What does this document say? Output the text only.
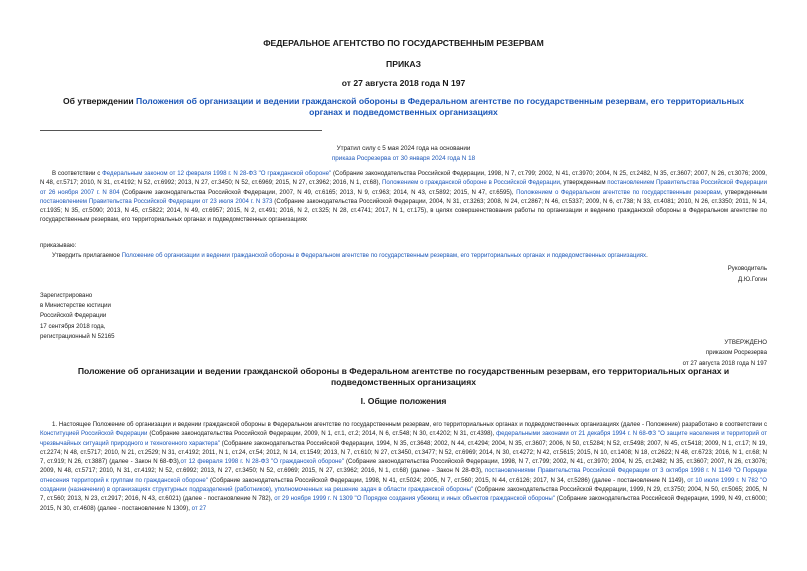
ФЕДЕРАЛЬНОЕ АГЕНТСТВО ПО ГОСУДАРСТВЕННЫМ РЕЗЕРВАМ
ПРИКАЗ
от 27 августа 2018 года N 197
Об утверждении Положения об организации и ведении гражданской обороны в Федеральном агентстве по государственным резервам, его территориальных органах и подведомственных организациях
Утратил силу с 5 мая 2024 года на основании
приказа Росрезерва от 30 января 2024 года N 18
В соответствии с Федеральным законом от 12 февраля 1998 г. N 28-ФЗ "О гражданской обороне" (Собрание законодательства Российской Федерации, 1998, N 7, ст.799; 2002, N 41, ст.3970; 2004, N 25, ст.2482, N 35, ст.3607; 2007, N 26, ст.3076; 2009, N 48, ст.5717; 2010, N 31, ст.4192; N 52, ст.6992; 2013, N 27, ст.3450; N 52, ст.6969; 2015, N 27, ст.3962; 2016, N 1, ст.68), Положением о гражданской обороне в Российской Федерации, утвержденным постановлением Правительства Российской Федерации от 26 ноября 2007 г. N 804 (Собрание законодательства Российской Федерации, 2007, N 49, ст.6165; 2013, N 9, ст.963; 2014, N 43, ст.5892; 2015, N 47, ст.6595), Положением о Федеральном агентстве по государственным резервам, утвержденным постановлением Правительства Российской Федерации от 23 июля 2004 г. N 373 (Собрание законодательства Российской Федерации, 2004, N 31, ст.3263; 2008, N 24, ст.2867; N 46, ст.5337; 2009, N 6, ст.738; N 33, ст.4081; 2010, N 26, ст.3350; 2011, N 14, ст.1935; N 35, ст.5090; 2013, N 45, ст.5822; 2014, N 49, ст.6957; 2015, N 2, ст.491; 2016, N 2, ст.325; N 28, ст.4741; 2017, N 1, ст.175), в целях совершенствования работы по организации и ведению гражданской обороны в Федеральном агентстве по государственным резервам, его территориальных органах и подведомственных организациях
приказываю:
Утвердить прилагаемое Положение об организации и ведении гражданской обороны в Федеральном агентстве по государственным резервам, его территориальных органах и подведомственных организациях.
Руководитель
Д.Ю.Гогин
Зарегистрировано
в Министерстве юстиции
Российской Федерации
17 сентября 2018 года,
регистрационный N 52165
УТВЕРЖДЕНО
приказом Росрезерва
от 27 августа 2018 года N 197
Положение об организации и ведении гражданской обороны в Федеральном агентстве по государственным резервам, его территориальных органах и подведомственных организациях
I. Общие положения
1. Настоящее Положение об организации и ведении гражданской обороны в Федеральном агентстве по государственным резервам, его территориальных органах и подведомственных организациях (далее - Положение) разработано в соответствии с Конституцией Российской Федерации (Собрание законодательства Российской Федерации, 2009, N 1, ст.1, ст.2; 2014, N 6, ст.548; N 30, ст.4202; N 31, ст.4398), федеральными законами от 21 декабря 1994 г. N 68-ФЗ "О защите населения и территорий от чрезвычайных ситуаций природного и техногенного характера" (Собрание законодательства Российской Федерации, 1994, N 35, ст.3648; 2002, N 44, ст.4294; 2004, N 35, ст.3607; 2006, N 50, ст.5284; N 52, ст.5498; 2007, N 45, ст.5418; 2009, N 1, ст.17; N 19, ст.2274; N 48, ст.5717; 2010, N 21, ст.2529; N 31, ст.4192; 2011, N 1, ст.24, ст.54; 2012, N 14, ст.1549; 2013, N 7, ст.610; N 27, ст.3450, ст.3477; N 52, ст.6969; 2014, N 30, ст.4272; N 42, ст.5615; 2015, N 10, ст.1408; N 18, ст.2622; N 48, ст.6723; 2016, N 1, ст.68; N 7, ст.919; N 26, ст.3887) (далее - Закон N 68-ФЗ),от 12 февраля 1998 г. N 28-ФЗ "О гражданской обороне" (Собрание законодательства Российской Федерации, 1998, N 7, ст.799; 2002, N 41, ст.3970; 2004, N 25, ст.2482; N 35, ст.3607; 2007, N 26, ст.3076; 2009, N 48, ст.5717; 2010, N 31, ст.4192; N 52, ст.6992; 2013, N 27, ст.3450; N 52, ст.6969; 2015, N 27, ст.3962; 2016, N 1, ст.68) (далее - Закон N 28-ФЗ), постановлениями Правительства Российской Федерации от 3 октября 1998 г. N 1149 "О Порядке отнесения территорий к группам по гражданской обороне" (Собрание законодательства Российской Федерации, 1998, N 41, ст.5024; 2005, N 7, ст.560; 2015, N 44, ст.6126; 2017, N 34, ст.5286) (далее - постановление N 1149), от 10 июля 1999 г. N 782 "О создании (назначении) в организациях структурных подразделений (работников), уполномоченных на решение задач в области гражданской обороны" (Собрание законодательства Российской Федерации, 1999, N 29, ст.3750; 2004, N 50, ст.5065; 2005, N 7, ст.560; 2013, N 23, ст.2917; 2016, N 43, ст.6021) (далее - постановление N 782), от 29 ноября 1999 г. N 1309 "О Порядке создания убежищ и иных объектов гражданской обороны" (Собрание законодательства Российской Федерации, 1999, N 49, ст.6000; 2015, N 30, ст.4608) (далее - постановление N 1309), от 27
